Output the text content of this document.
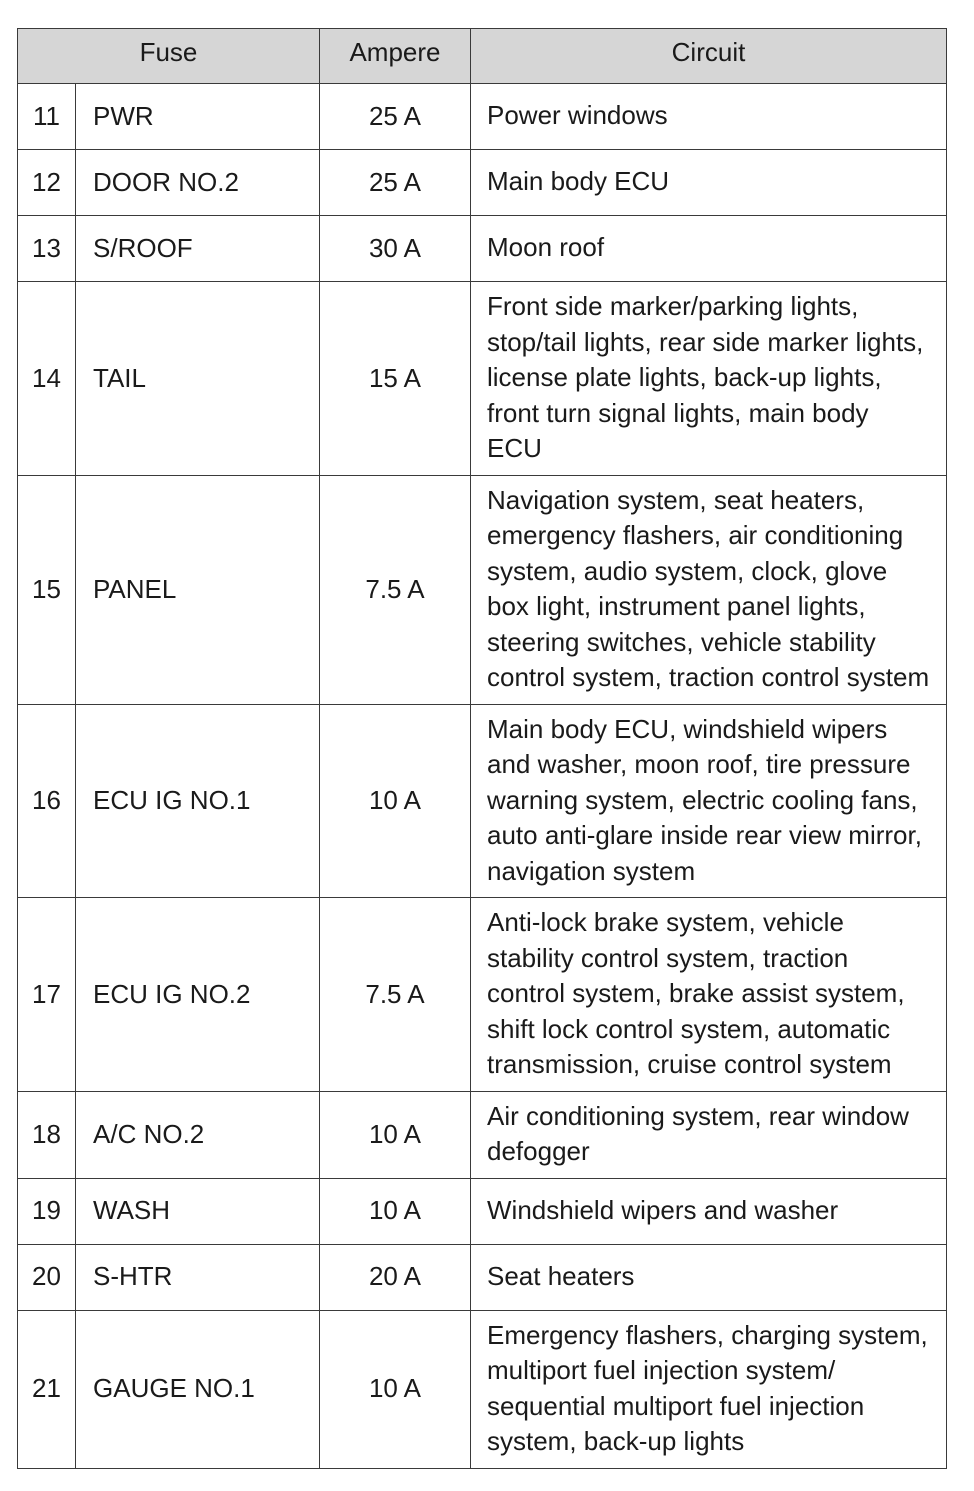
Fuse		Ampere	Circuit
11	PWR	25 A	Power windows
12	DOOR NO.2	25 A	Main body ECU
13	S/ROOF	30 A	Moon roof
14	TAIL	15 A	Front side marker/parking lights, stop/tail lights, rear side marker lights, license plate lights, back-up lights, front turn signal lights, main body ECU
15	PANEL	7.5 A	Navigation system, seat heaters, emergency flashers, air conditioning system, audio system, clock, glove box light, instrument panel lights, steering switches, vehicle stability control system, traction control system
16	ECU IG NO.1	10 A	Main body ECU, windshield wipers and washer, moon roof, tire pressure warning system, electric cooling fans, auto anti-glare inside rear view mirror, navigation system
17	ECU IG NO.2	7.5 A	Anti-lock brake system, vehicle stability control system, traction control system, brake assist system, shift lock control system, automatic transmission, cruise control system
18	A/C NO.2	10 A	Air conditioning system, rear window defogger
19	WASH	10 A	Windshield wipers and washer
20	S-HTR	20 A	Seat heaters
21	GAUGE NO.1	10 A	Emergency flashers, charging system, multiport fuel injection system/ sequential multiport fuel injection system, back-up lights
